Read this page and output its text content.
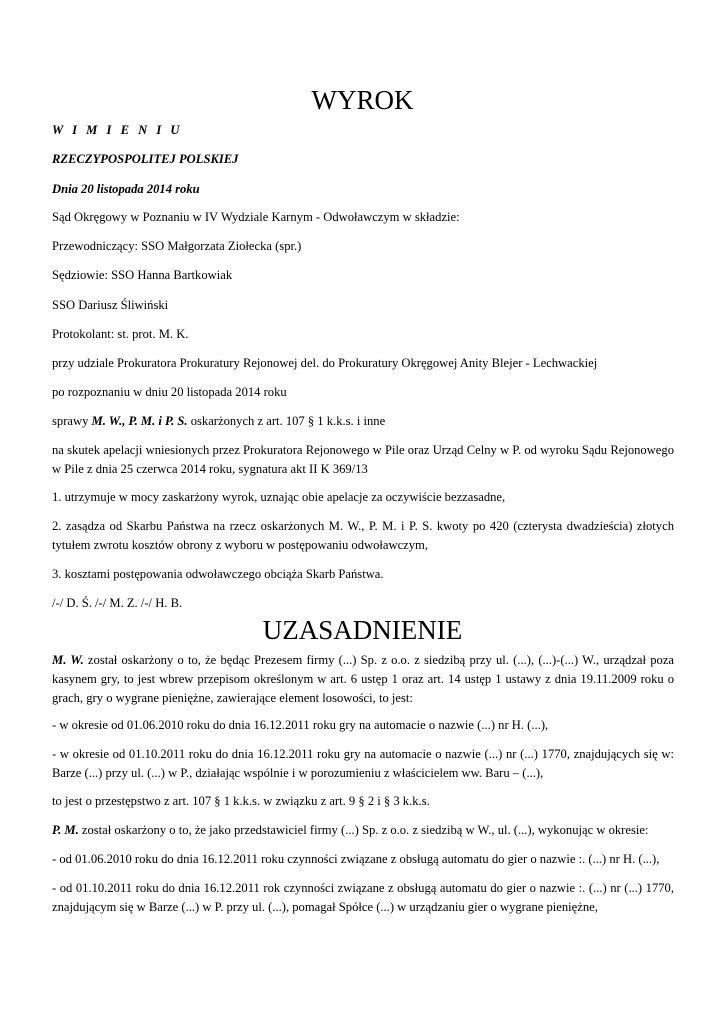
WYROK
W I M I E N I U
RZECZYPOSPOLITEJ POLSKIEJ
Dnia 20 listopada 2014 roku
Sąd Okręgowy w Poznaniu w IV Wydziale Karnym - Odwoławczym w składzie:
Przewodniczący: SSO Małgorzata Ziołecka (spr.)
Sędziowie: SSO Hanna Bartkowiak
SSO Dariusz Śliwiński
Protokolant: st. prot. M. K.
przy udziale Prokuratora Prokuratury Rejonowej del. do Prokuratury Okręgowej Anity Blejer - Lechwackiej
po rozpoznaniu w dniu 20 listopada 2014 roku
sprawy M. W., P. M. i P. S. oskarżonych z art. 107 § 1 k.k.s. i inne
na skutek apelacji wniesionych przez Prokuratora Rejonowego w Pile oraz Urząd Celny w P. od wyroku Sądu Rejonowego w Pile z dnia 25 czerwca 2014 roku, sygnatura akt II K 369/13
1. utrzymuje w mocy zaskarżony wyrok, uznając obie apelacje za oczywiście bezzasadne,
2. zasądza od Skarbu Państwa na rzecz oskarżonych M. W., P. M. i P. S. kwoty po 420 (czterysta dwadzieścia) złotych tytułem zwrotu kosztów obrony z wyboru w postępowaniu odwoławczym,
3. kosztami postępowania odwoławczego obciąża Skarb Państwa.
/-/ D. Ś. /-/ M. Z. /-/ H. B.
UZASADNIENIE
M. W. został oskarżony o to, że będąc Prezesem firmy (...) Sp. z o.o. z siedzibą przy ul. (...), (...)-(...) W., urządzał poza kasynem gry, to jest wbrew przepisom określonym w art. 6 ustęp 1 oraz art. 14 ustęp 1 ustawy z dnia 19.11.2009 roku o grach, gry o wygrane pieniężne, zawierające element losowości, to jest:
- w okresie od 01.06.2010 roku do dnia 16.12.2011 roku gry na automacie o nazwie (...) nr H. (...),
- w okresie od 01.10.2011 roku do dnia 16.12.2011 roku gry na automacie o nazwie (...) nr (...) 1770, znajdujących się w: Barze (...) przy ul. (...) w P., działając wspólnie i w porozumieniu z właścicielem ww. Baru – (...),
to jest o przestępstwo z art. 107 § 1 k.k.s. w związku z art. 9 § 2 i § 3 k.k.s.
P. M. został oskarżony o to, że jako przedstawiciel firmy (...) Sp. z o.o. z siedzibą w W., ul. (...), wykonując w okresie:
- od 01.06.2010 roku do dnia 16.12.2011 roku czynności związane z obsługą automatu do gier o nazwie :. (...) nr H. (...),
- od 01.10.2011 roku do dnia 16.12.2011 rok czynności związane z obsługą automatu do gier o nazwie :. (...) nr (...) 1770, znajdującym się w Barze (...) w P. przy ul. (...), pomagał Spółce (...) w urządzaniu gier o wygrane pieniężne,
